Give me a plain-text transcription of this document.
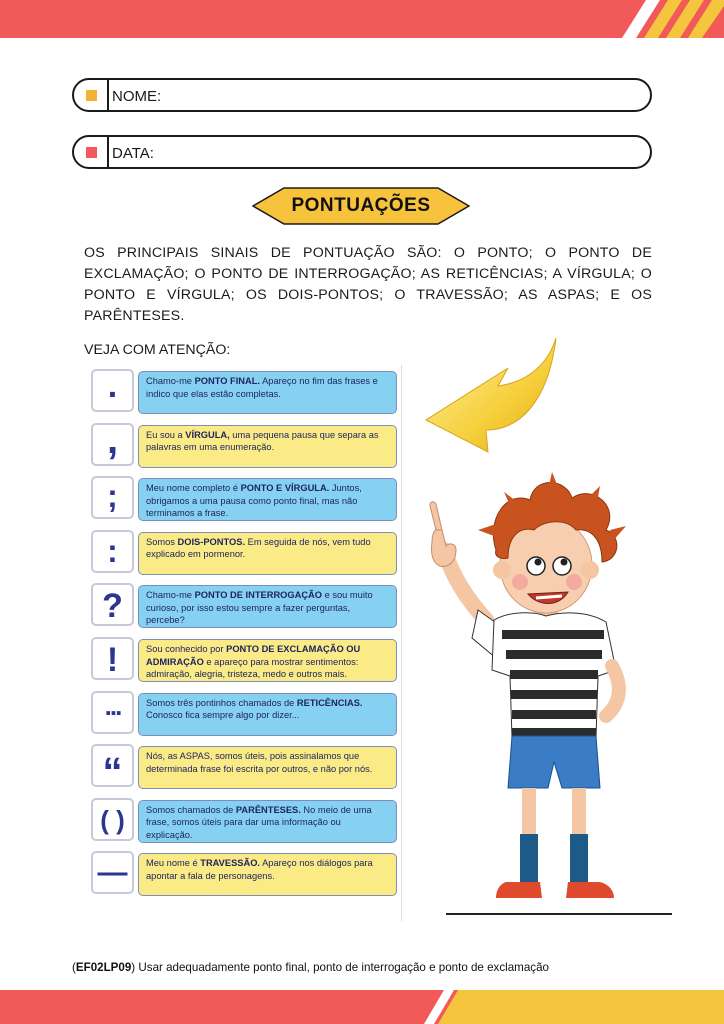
NOME:
DATA:
PONTUAÇÕES
OS PRINCIPAIS SINAIS DE PONTUAÇÃO SÃO: O PONTO; O PONTO DE EXCLAMAÇÃO; O PONTO DE INTERROGAÇÃO; AS RETICÊNCIAS; A VÍRGULA; O PONTO E VÍRGULA; OS DOIS-PONTOS; O TRAVESSÃO; AS ASPAS; E OS PARÊNTESES.
VEJA COM ATENÇÃO:
.	Chamo-me PONTO FINAL. Apareço no fim das frases e indico que elas estão completas.
,	Eu sou a VÍRGULA, uma pequena pausa que separa as palavras em uma enumeração.
;	Meu nome completo é PONTO E VÍRGULA. Juntos, obrigamos a uma pausa como ponto final, mas não terminamos a frase.
:	Somos DOIS-PONTOS. Em seguida de nós, vem tudo explicado em pormenor.
?	Chamo-me PONTO DE INTERROGAÇÃO e sou muito curioso, por isso estou sempre a fazer perguntas, percebe?
!	Sou conhecido por PONTO DE EXCLAMAÇÃO OU ADMIRAÇÃO e apareço para mostrar sentimentos: admiração, alegria, tristeza, medo e outros mais.
...	Somos três pontinhos chamados de RETICÊNCIAS. Conosco fica sempre algo por dizer...
“	Nós, as ASPAS, somos úteis, pois assinalamos que determinada frase foi escrita por outros, e não por nós.
( )	Somos chamados de PARÊNTESES. No meio de uma frase, somos úteis para dar uma informação ou explicação.
—	Meu nome é TRAVESSÃO. Apareço nos diálogos para apontar a fala de personagens.
(EF02LP09) Usar adequadamente ponto final, ponto de interrogação e ponto de exclamação
